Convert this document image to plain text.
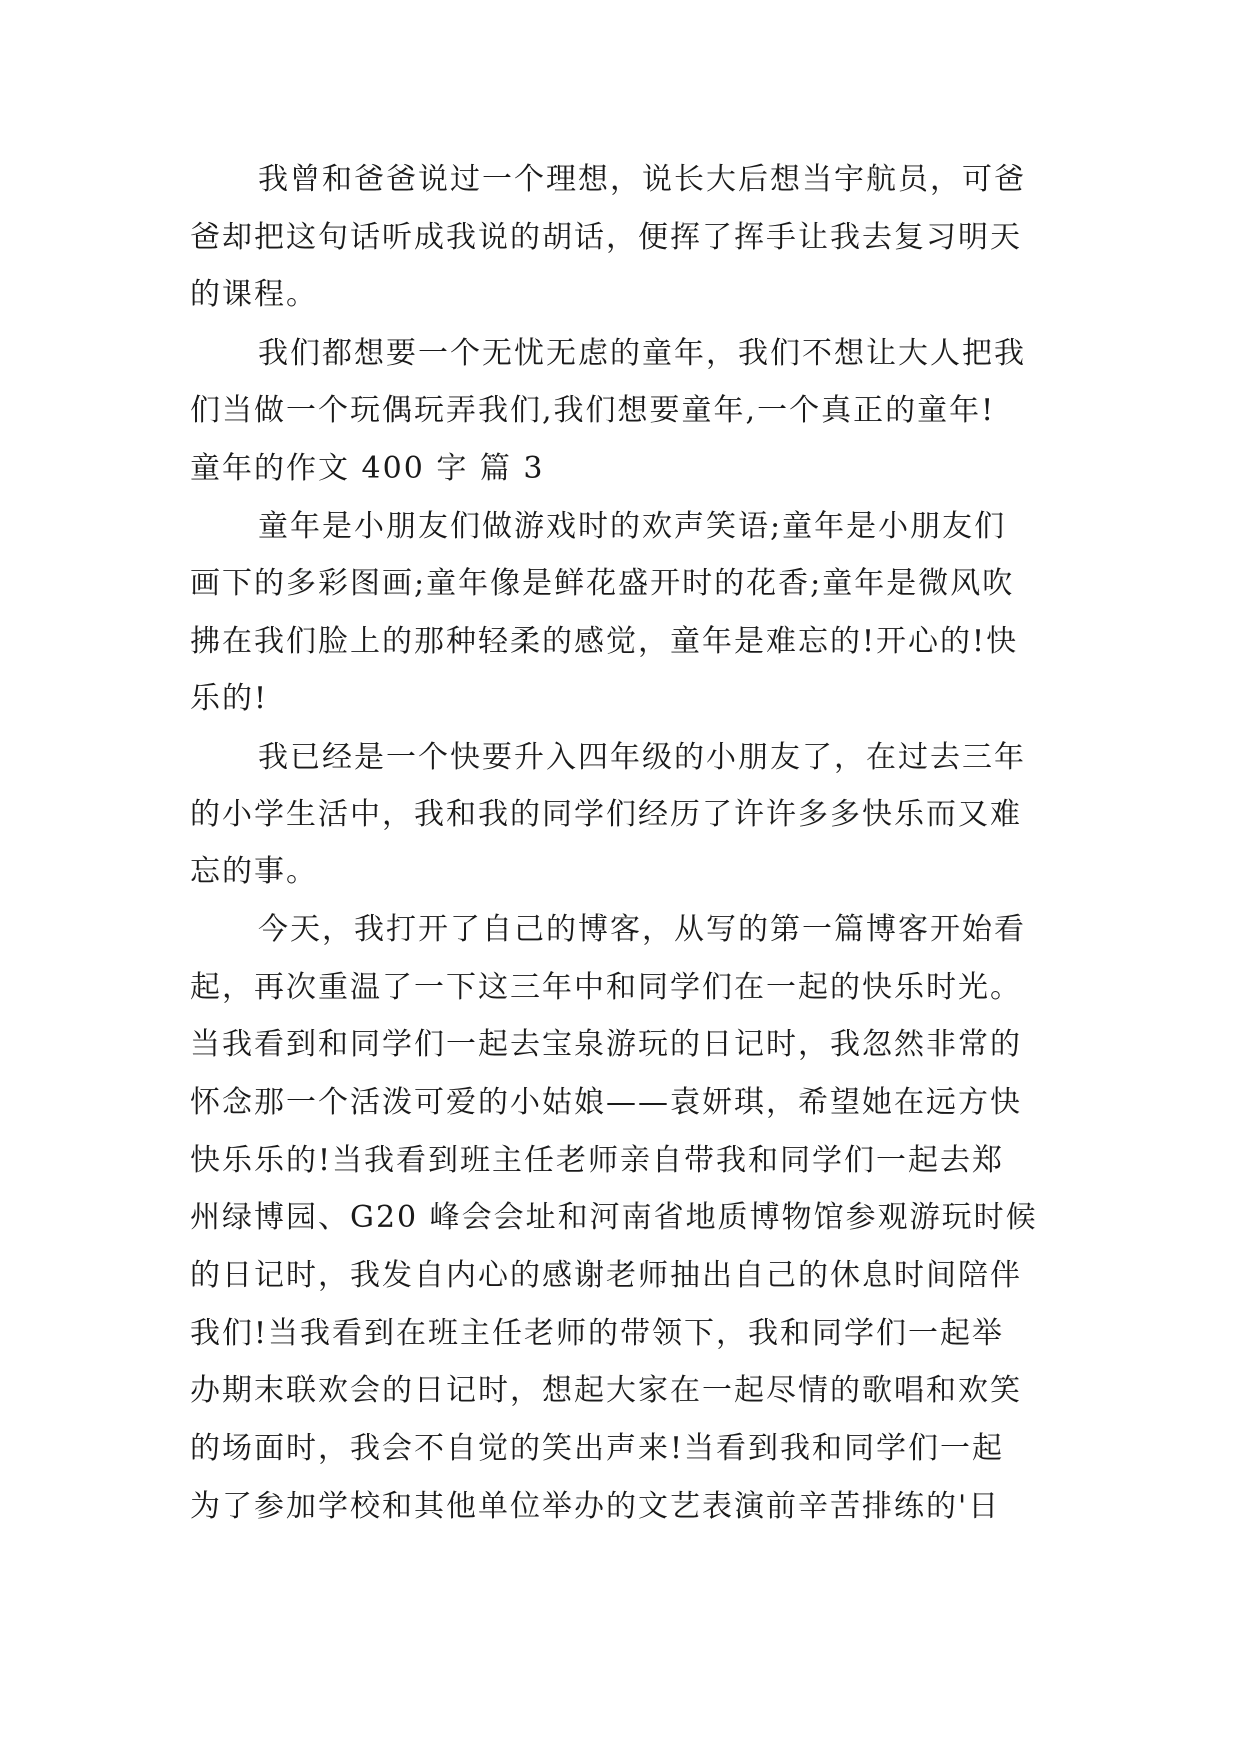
我曾和爸爸说过一个理想，说长大后想当宇航员，可爸
爸却把这句话听成我说的胡话，便挥了挥手让我去复习明天
的课程。
我们都想要一个无忧无虑的童年，我们不想让大人把我
们当做一个玩偶玩弄我们,我们想要童年,一个真正的童年!
童年的作文 400 字 篇 3
童年是小朋友们做游戏时的欢声笑语;童年是小朋友们
画下的多彩图画;童年像是鲜花盛开时的花香;童年是微风吹
拂在我们脸上的那种轻柔的感觉，童年是难忘的!开心的!快
乐的!
我已经是一个快要升入四年级的小朋友了，在过去三年
的小学生活中，我和我的同学们经历了许许多多快乐而又难
忘的事。
今天，我打开了自己的博客，从写的第一篇博客开始看
起，再次重温了一下这三年中和同学们在一起的快乐时光。
当我看到和同学们一起去宝泉游玩的日记时，我忽然非常的
怀念那一个活泼可爱的小姑娘——袁妍琪，希望她在远方快
快乐乐的!当我看到班主任老师亲自带我和同学们一起去郑
州绿博园、G20 峰会会址和河南省地质博物馆参观游玩时候
的日记时，我发自内心的感谢老师抽出自己的休息时间陪伴
我们!当我看到在班主任老师的带领下，我和同学们一起举
办期末联欢会的日记时，想起大家在一起尽情的歌唱和欢笑
的场面时，我会不自觉的笑出声来!当看到我和同学们一起
为了参加学校和其他单位举办的文艺表演前辛苦排练的'日
